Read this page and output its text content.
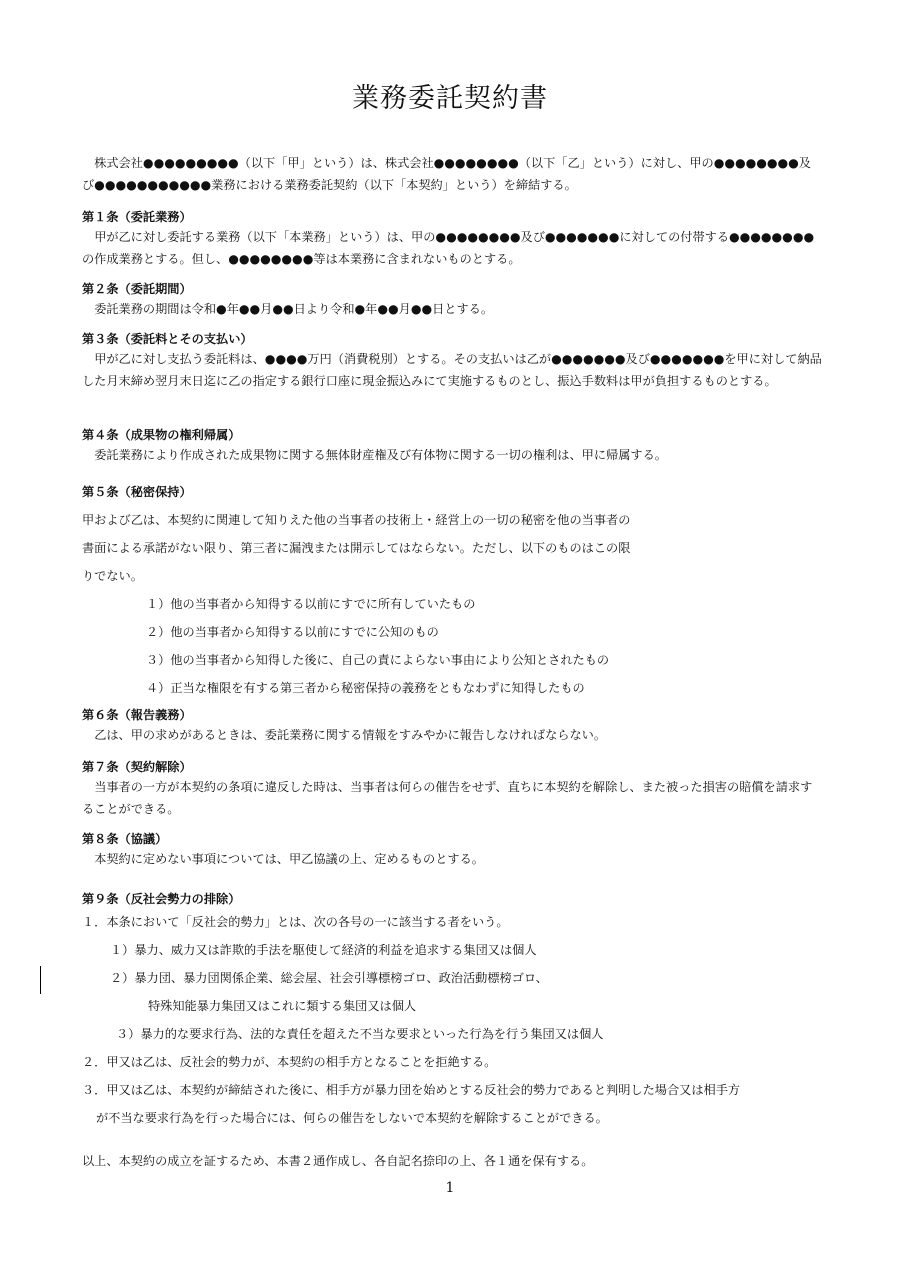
業務委託契約書

株式会社●●●●●●●●●（以下「甲」という）は、株式会社●●●●●●●●（以下「乙」という）に対し、甲の●●●●●●●●及び●●●●●●●●●●●業務における業務委託契約（以下「本契約」という）を締結する。

第１条（委託業務）

甲が乙に対し委託する業務（以下「本業務」という）は、甲の●●●●●●●●及び●●●●●●●に対しての付帯する●●●●●●●●の作成業務とする。但し、●●●●●●●●等は本業務に含まれないものとする。

第２条（委託期間）

委託業務の期間は令和●年●●月●●日より令和●年●●月●●日とする。

第３条（委託料とその支払い）

甲が乙に対し支払う委託料は、●●●●万円（消費税別）とする。その支払いは乙が●●●●●●●及び●●●●●●●を甲に対して納品した月末締め翌月末日迄に乙の指定する銀行口座に現金振込みにて実施するものとし、振込手数料は甲が負担するものとする。

第４条（成果物の権利帰属）

委託業務により作成された成果物に関する無体財産権及び有体物に関する一切の権利は、甲に帰属する。

第５条（秘密保持）

甲および乙は、本契約に関連して知りえた他の当事者の技術上・経営上の一切の秘密を他の当事者の

書面による承諾がない限り、第三者に漏洩または開示してはならない。ただし、以下のものはこの限

りでない。

１）他の当事者から知得する以前にすでに所有していたもの

２）他の当事者から知得する以前にすでに公知のもの

３）他の当事者から知得した後に、自己の責によらない事由により公知とされたもの

４）正当な権限を有する第三者から秘密保持の義務をともなわずに知得したもの

第６条（報告義務）

乙は、甲の求めがあるときは、委託業務に関する情報をすみやかに報告しなければならない。

第７条（契約解除）

当事者の一方が本契約の条項に違反した時は、当事者は何らの催告をせず、直ちに本契約を解除し、また被った損害の賠償を請求することができる。

第８条（協議）

本契約に定めない事項については、甲乙協議の上、定めるものとする。

第９条（反社会勢力の排除）

１．本条において「反社会的勢力」とは、次の各号の一に該当する者をいう。

１）暴力、威力又は詐欺的手法を駆使して経済的利益を追求する集団又は個人

２）暴力団、暴力団関係企業、総会屋、社会引導標榜ゴロ、政治活動標榜ゴロ、

特殊知能暴力集団又はこれに類する集団又は個人

３）暴力的な要求行為、法的な責任を超えた不当な要求といった行為を行う集団又は個人

２．甲又は乙は、反社会的勢力が、本契約の相手方となることを拒絶する。

３．甲又は乙は、本契約が締結された後に、相手方が暴力団を始めとする反社会的勢力であると判明した場合又は相手方

が不当な要求行為を行った場合には、何らの催告をしないで本契約を解除することができる。

以上、本契約の成立を証するため、本書２通作成し、各自記名捺印の上、各１通を保有する。

1
